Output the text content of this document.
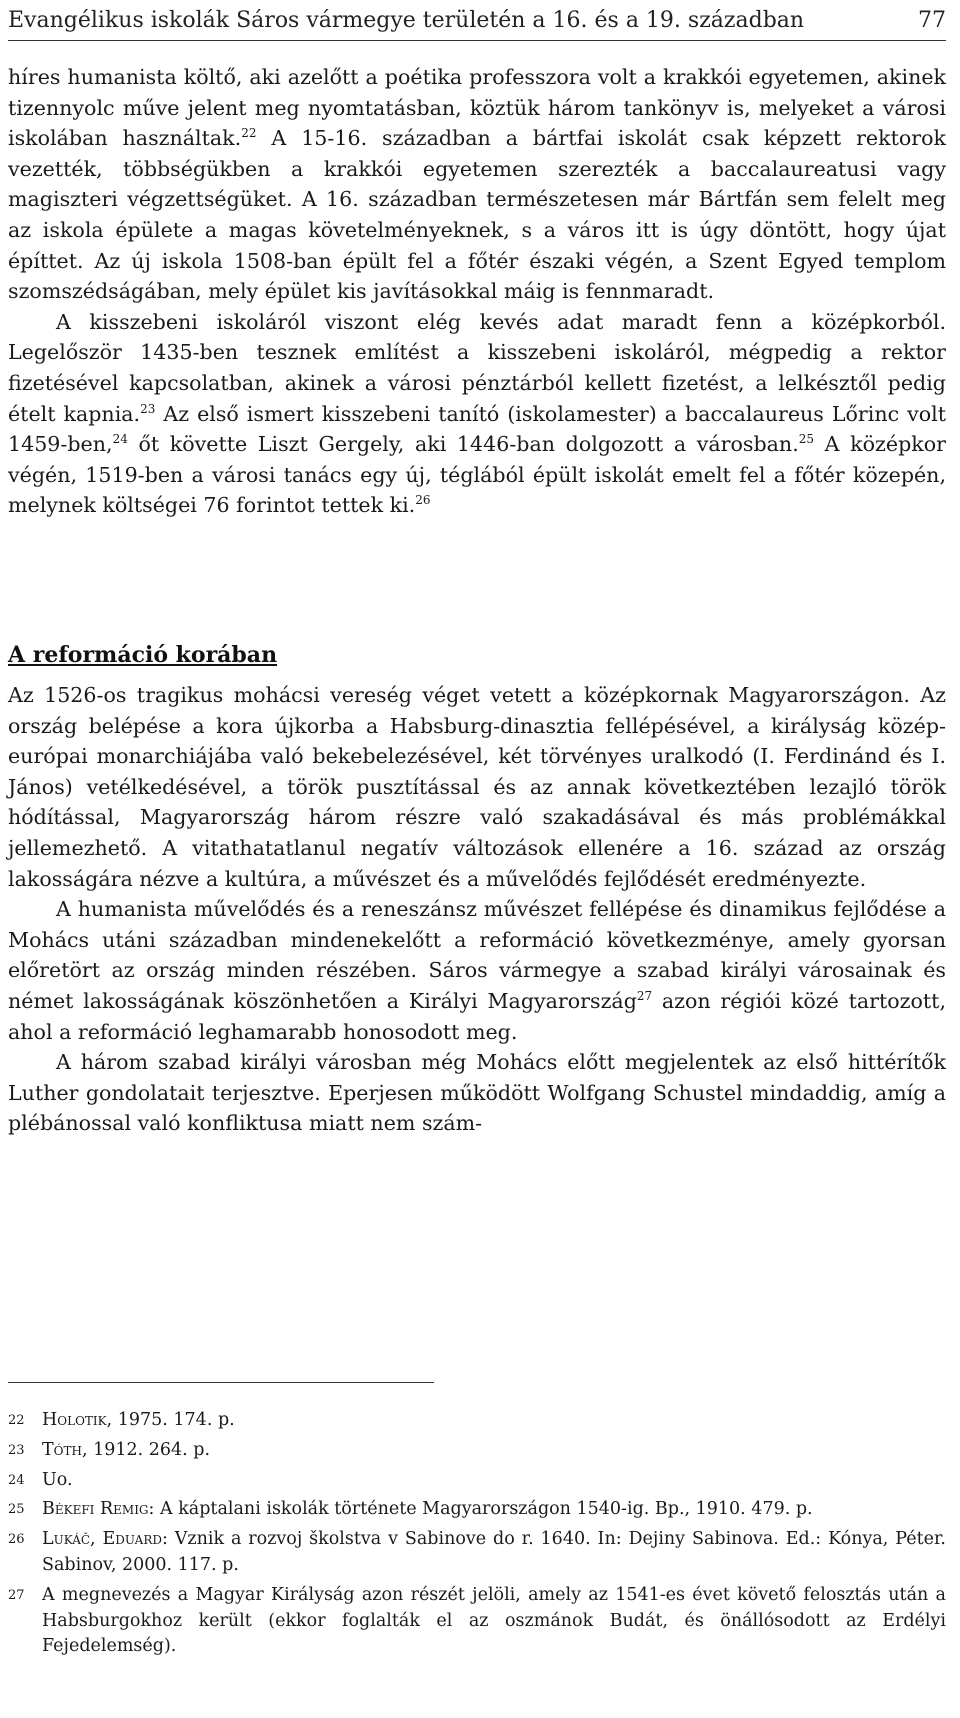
Evangélikus iskolák Sáros vármegye területén a 16. és a 19. században	77

híres humanista költő, aki azelőtt a poétika professzora volt a krakkói egyetemen, akinek tizennyolc műve jelent meg nyomtatásban, köztük három tankönyv is, melyeket a városi iskolában használtak.$^{22}$ A 15-16. században a bártfai iskolát csak képzett rektorok vezették, többségükben a krakkói egyetemen szerezték a baccalaureatusi vagy magiszteri végzettségüket. A 16. században természetesen már Bártfán sem felelt meg az iskola épülete a magas követelményeknek, s a város itt is úgy döntött, hogy újat építtet. Az új iskola 1508-ban épült fel a főtér északi végén, a Szent Egyed templom szomszédságában, mely épület kis javításokkal máig is fennmaradt.

A kisszebeni iskoláról viszont elég kevés adat maradt fenn a középkorból. Legelőször 1435-ben tesznek említést a kisszebeni iskoláról, mégpedig a rektor fizetésével kapcsolatban, akinek a városi pénztárból kellett fizetést, a lelkésztől pedig ételt kapnia.$^{23}$ Az első ismert kisszebeni tanító (iskolamester) a baccalaureus Lőrinc volt 1459-ben,$^{24}$ őt követte Liszt Gergely, aki 1446-ban dolgozott a városban.$^{25}$ A középkor végén, 1519-ben a városi tanács egy új, téglából épült iskolát emelt fel a főtér közepén, melynek költségei 76 forintot tettek ki.$^{26}$

A reformáció korában

Az 1526-os tragikus mohácsi vereség véget vetett a középkornak Magyarországon. Az ország belépése a kora újkorba a Habsburg-dinasztia fellépésével, a királyság közép-európai monarchiájába való bekebelezésével, két törvényes uralkodó (I. Ferdinánd és I. János) vetélkedésével, a török pusztítással és az annak következtében lezajló török hódítással, Magyarország három részre való szakadásával és más problémákkal jellemezhető. A vitathatatlanul negatív változások ellenére a 16. század az ország lakosságára nézve a kultúra, a művészet és a művelődés fejlődését eredményezte.

A humanista művelődés és a reneszánsz művészet fellépése és dinamikus fejlődése a Mohács utáni században mindenekelőtt a reformáció következménye, amely gyorsan előretört az ország minden részében. Sáros vármegye a szabad királyi városainak és német lakosságának köszönhetően a Királyi Magyarország$^{27}$ azon régiói közé tartozott, ahol a reformáció leghamarabb honosodott meg.

A három szabad királyi városban még Mohács előtt megjelentek az első hittérítők Luther gondolatait terjesztve. Eperjesen működött Wolfgang Schustel mindaddig, amíg a plébánossal való konfliktusa miatt nem szám-

22 Holotik, 1975. 174. p.
23 Tóth, 1912. 264. p.
24 Uo.
25 Békefi Remig: A káptalani iskolák története Magyarországon 1540-ig. Bp., 1910. 479. p.
26 Lukáč, Eduard: Vznik a rozvoj školstva v Sabinove do r. 1640. In: Dejiny Sabinova. Ed.: Kónya, Péter. Sabinov, 2000. 117. p.
27 A megnevezés a Magyar Királyság azon részét jelöli, amely az 1541-es évet követő felosztás után a Habsburgokhoz került (ekkor foglalták el az oszmánok Budát, és önállósodott az Erdélyi Fejedelemség).
